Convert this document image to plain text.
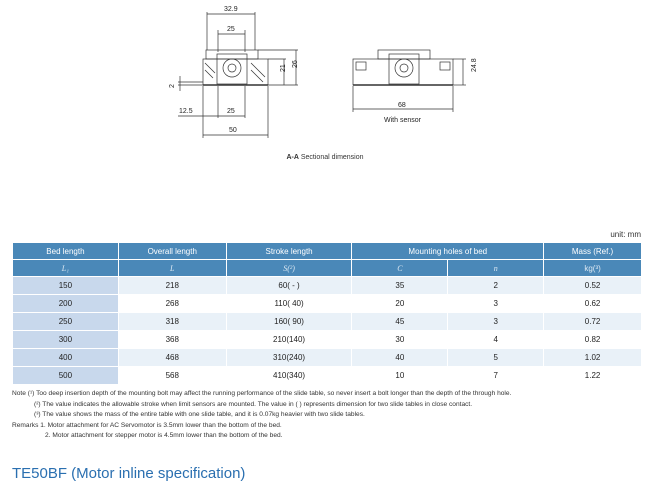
32.9
25
2
21
26
12.5	25
50
24.8
68
With sensor
A-A Sectional dimension
unit: mm
Bed length	Overall length	Stroke length	Mounting holes of bed		Mass (Ref.)
L₁	L	S(²)	C	n	kg(³)
150	218	60( - )	35	2	0.52
200	268	110( 40)	20	3	0.62
250	318	160( 90)	45	3	0.72
300	368	210(140)	30	4	0.82
400	468	310(240)	40	5	1.02
500	568	410(340)	10	7	1.22
Note (¹) Too deep insertion depth of the mounting bolt may affect the running performance of the slide table, so never insert a bolt longer than the depth of the through hole.
(²) The value indicates the allowable stroke when limit sensors are mounted. The value in ( ) represents dimension for two slide tables in close contact.
(³) The value shows the mass of the entire table with one slide table, and it is 0.07kg heavier with two slide tables.
Remarks 1. Motor attachment for AC Servomotor is 3.5mm lower than the bottom of the bed.
2. Motor attachment for stepper motor is 4.5mm lower than the bottom of the bed.
TE50BF (Motor inline specification)
